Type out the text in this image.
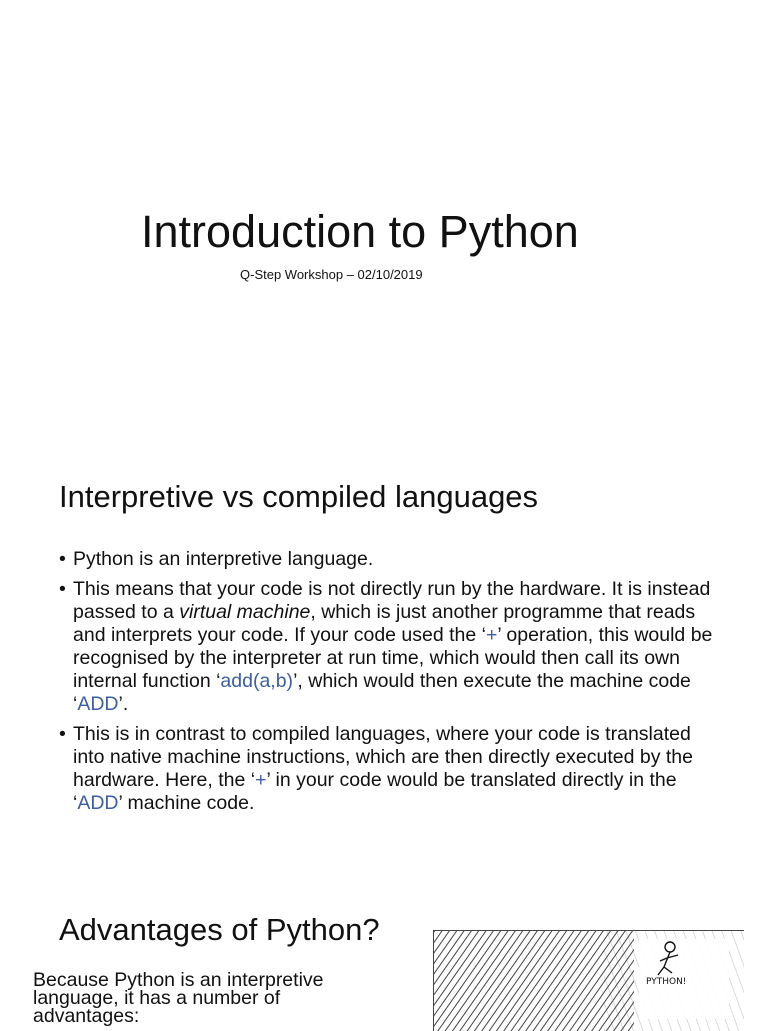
Introduction to Python
Q-Step Workshop – 02/10/2019
Interpretive vs compiled languages
• Python is an interpretive language.
• This means that your code is not directly run by the hardware. It is instead passed to a virtual machine, which is just another programme that reads and interprets your code. If your code used the ‘+’ operation, this would be recognised by the interpreter at run time, which would then call its own internal function ‘add(a,b)’, which would then execute the machine code ‘ADD’.
• This is in contrast to compiled languages, where your code is translated into native machine instructions, which are then directly executed by the hardware. Here, the ‘+’ in your code would be translated directly in the ‘ADD’ machine code.
Advantages of Python?
Because Python is an interpretive language, it has a number of advantages:
PYTHON!
